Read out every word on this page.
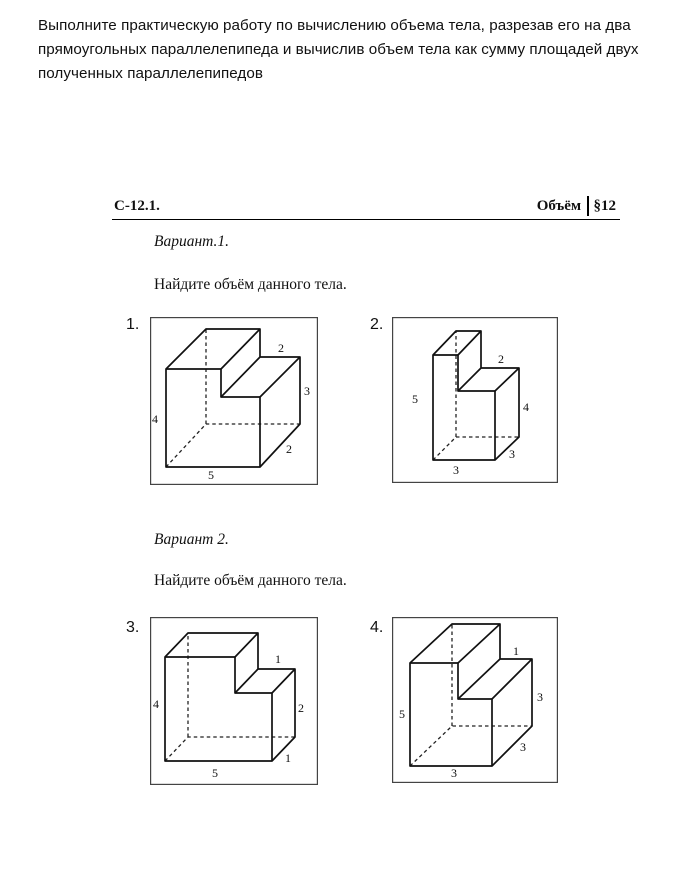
Выполните практическую работу по вычислению объема тела, разрезав его на два прямоугольных параллелепипеда и вычислив объем тела как сумму площадей двух полученных параллелепипедов
С-12.1.	Объём §12
Вариант.1.
Найдите объём данного тела.
Вариант 2.
Найдите объём данного тела.
1.
4
5
2
3
2
2.
5
3
3
4
2
3.
4
5
1
2
1
4.
5
3
3
3
1
